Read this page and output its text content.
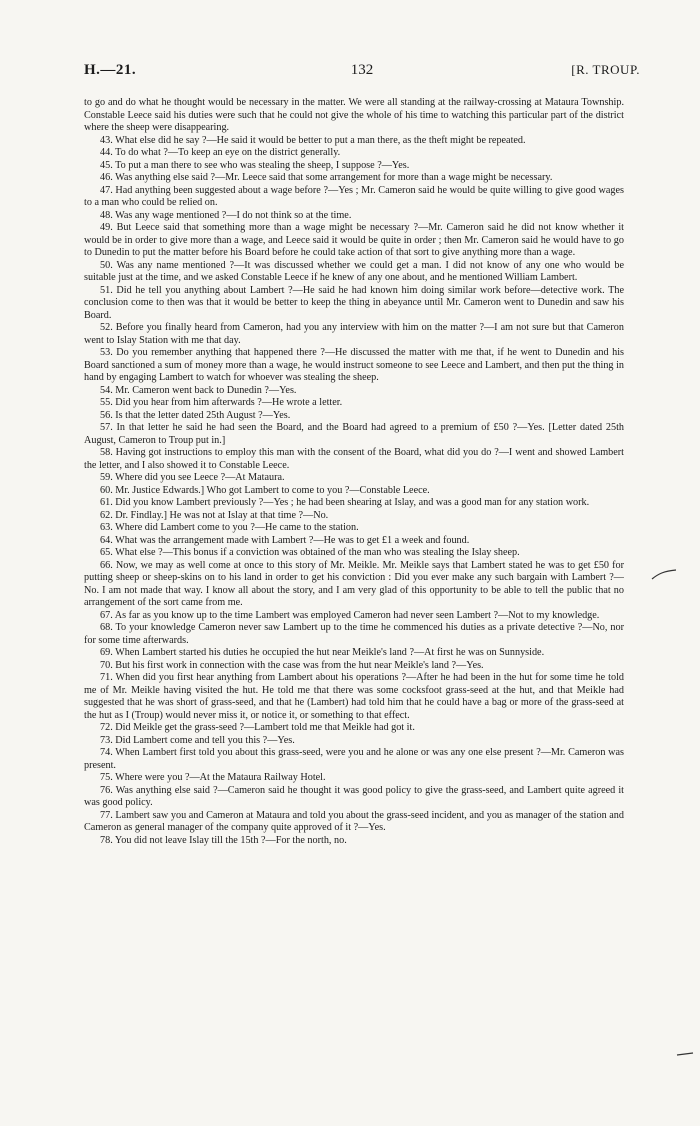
H.—21.	132	[R. TROUP.

to go and do what he thought would be necessary in the matter. We were all standing at the railway-crossing at Mataura Township. Constable Leece said his duties were such that he could not give the whole of his time to watching this particular part of the district where the sheep were disappearing.

43. What else did he say ?—He said it would be better to put a man there, as the theft might be repeated.

44. To do what ?—To keep an eye on the district generally.

45. To put a man there to see who was stealing the sheep, I suppose ?—Yes.

46. Was anything else said ?—Mr. Leece said that some arrangement for more than a wage might be necessary.

47. Had anything been suggested about a wage before ?—Yes ; Mr. Cameron said he would be quite willing to give good wages to a man who could be relied on.

48. Was any wage mentioned ?—I do not think so at the time.

49. But Leece said that something more than a wage might be necessary ?—Mr. Cameron said he did not know whether it would be in order to give more than a wage, and Leece said it would be quite in order ; then Mr. Cameron said he would have to go to Dunedin to put the matter before his Board before he could take action of that sort to give anything more than a wage.

50. Was any name mentioned ?—It was discussed whether we could get a man. I did not know of any one who would be suitable just at the time, and we asked Constable Leece if he knew of any one about, and he mentioned William Lambert.

51. Did he tell you anything about Lambert ?—He said he had known him doing similar work before—detective work. The conclusion come to then was that it would be better to keep the thing in abeyance until Mr. Cameron went to Dunedin and saw his Board.

52. Before you finally heard from Cameron, had you any interview with him on the matter ?—I am not sure but that Cameron went to Islay Station with me that day.

53. Do you remember anything that happened there ?—He discussed the matter with me that, if he went to Dunedin and his Board sanctioned a sum of money more than a wage, he would instruct someone to see Leece and Lambert, and then put the thing in hand by engaging Lambert to watch for whoever was stealing the sheep.

54. Mr. Cameron went back to Dunedin ?—Yes.

55. Did you hear from him afterwards ?—He wrote a letter.

56. Is that the letter dated 25th August ?—Yes.

57. In that letter he said he had seen the Board, and the Board had agreed to a premium of £50 ?—Yes. [Letter dated 25th August, Cameron to Troup put in.]

58. Having got instructions to employ this man with the consent of the Board, what did you do ?—I went and showed Lambert the letter, and I also showed it to Constable Leece.

59. Where did you see Leece ?—At Mataura.

60. Mr. Justice Edwards.] Who got Lambert to come to you ?—Constable Leece.

61. Did you know Lambert previously ?—Yes ; he had been shearing at Islay, and was a good man for any station work.

62. Dr. Findlay.] He was not at Islay at that time ?—No.

63. Where did Lambert come to you ?—He came to the station.

64. What was the arrangement made with Lambert ?—He was to get £1 a week and found.

65. What else ?—This bonus if a conviction was obtained of the man who was stealing the Islay sheep.

66. Now, we may as well come at once to this story of Mr. Meikle. Mr. Meikle says that Lambert stated he was to get £50 for putting sheep or sheep-skins on to his land in order to get his conviction : Did you ever make any such bargain with Lambert ?—No. I am not made that way. I know all about the story, and I am very glad of this opportunity to be able to tell the public that no arrangement of the sort came from me.

67. As far as you know up to the time Lambert was employed Cameron had never seen Lambert ?—Not to my knowledge.

68. To your knowledge Cameron never saw Lambert up to the time he commenced his duties as a private detective ?—No, nor for some time afterwards.

69. When Lambert started his duties he occupied the hut near Meikle's land ?—At first he was on Sunnyside.

70. But his first work in connection with the case was from the hut near Meikle's land ?—Yes.

71. When did you first hear anything from Lambert about his operations ?—After he had been in the hut for some time he told me of Mr. Meikle having visited the hut. He told me that there was some cocksfoot grass-seed at the hut, and that Meikle had suggested that he was short of grass-seed, and that he (Lambert) had told him that he could have a bag or more of the grass-seed at the hut as I (Troup) would never miss it, or notice it, or something to that effect.

72. Did Meikle get the grass-seed ?—Lambert told me that Meikle had got it.

73. Did Lambert come and tell you this ?—Yes.

74. When Lambert first told you about this grass-seed, were you and he alone or was any one else present ?—Mr. Cameron was present.

75. Where were you ?—At the Mataura Railway Hotel.

76. Was anything else said ?—Cameron said he thought it was good policy to give the grass-seed, and Lambert quite agreed it was good policy.

77. Lambert saw you and Cameron at Mataura and told you about the grass-seed incident, and you as manager of the station and Cameron as general manager of the company quite approved of it ?—Yes.

78. You did not leave Islay till the 15th ?—For the north, no.
